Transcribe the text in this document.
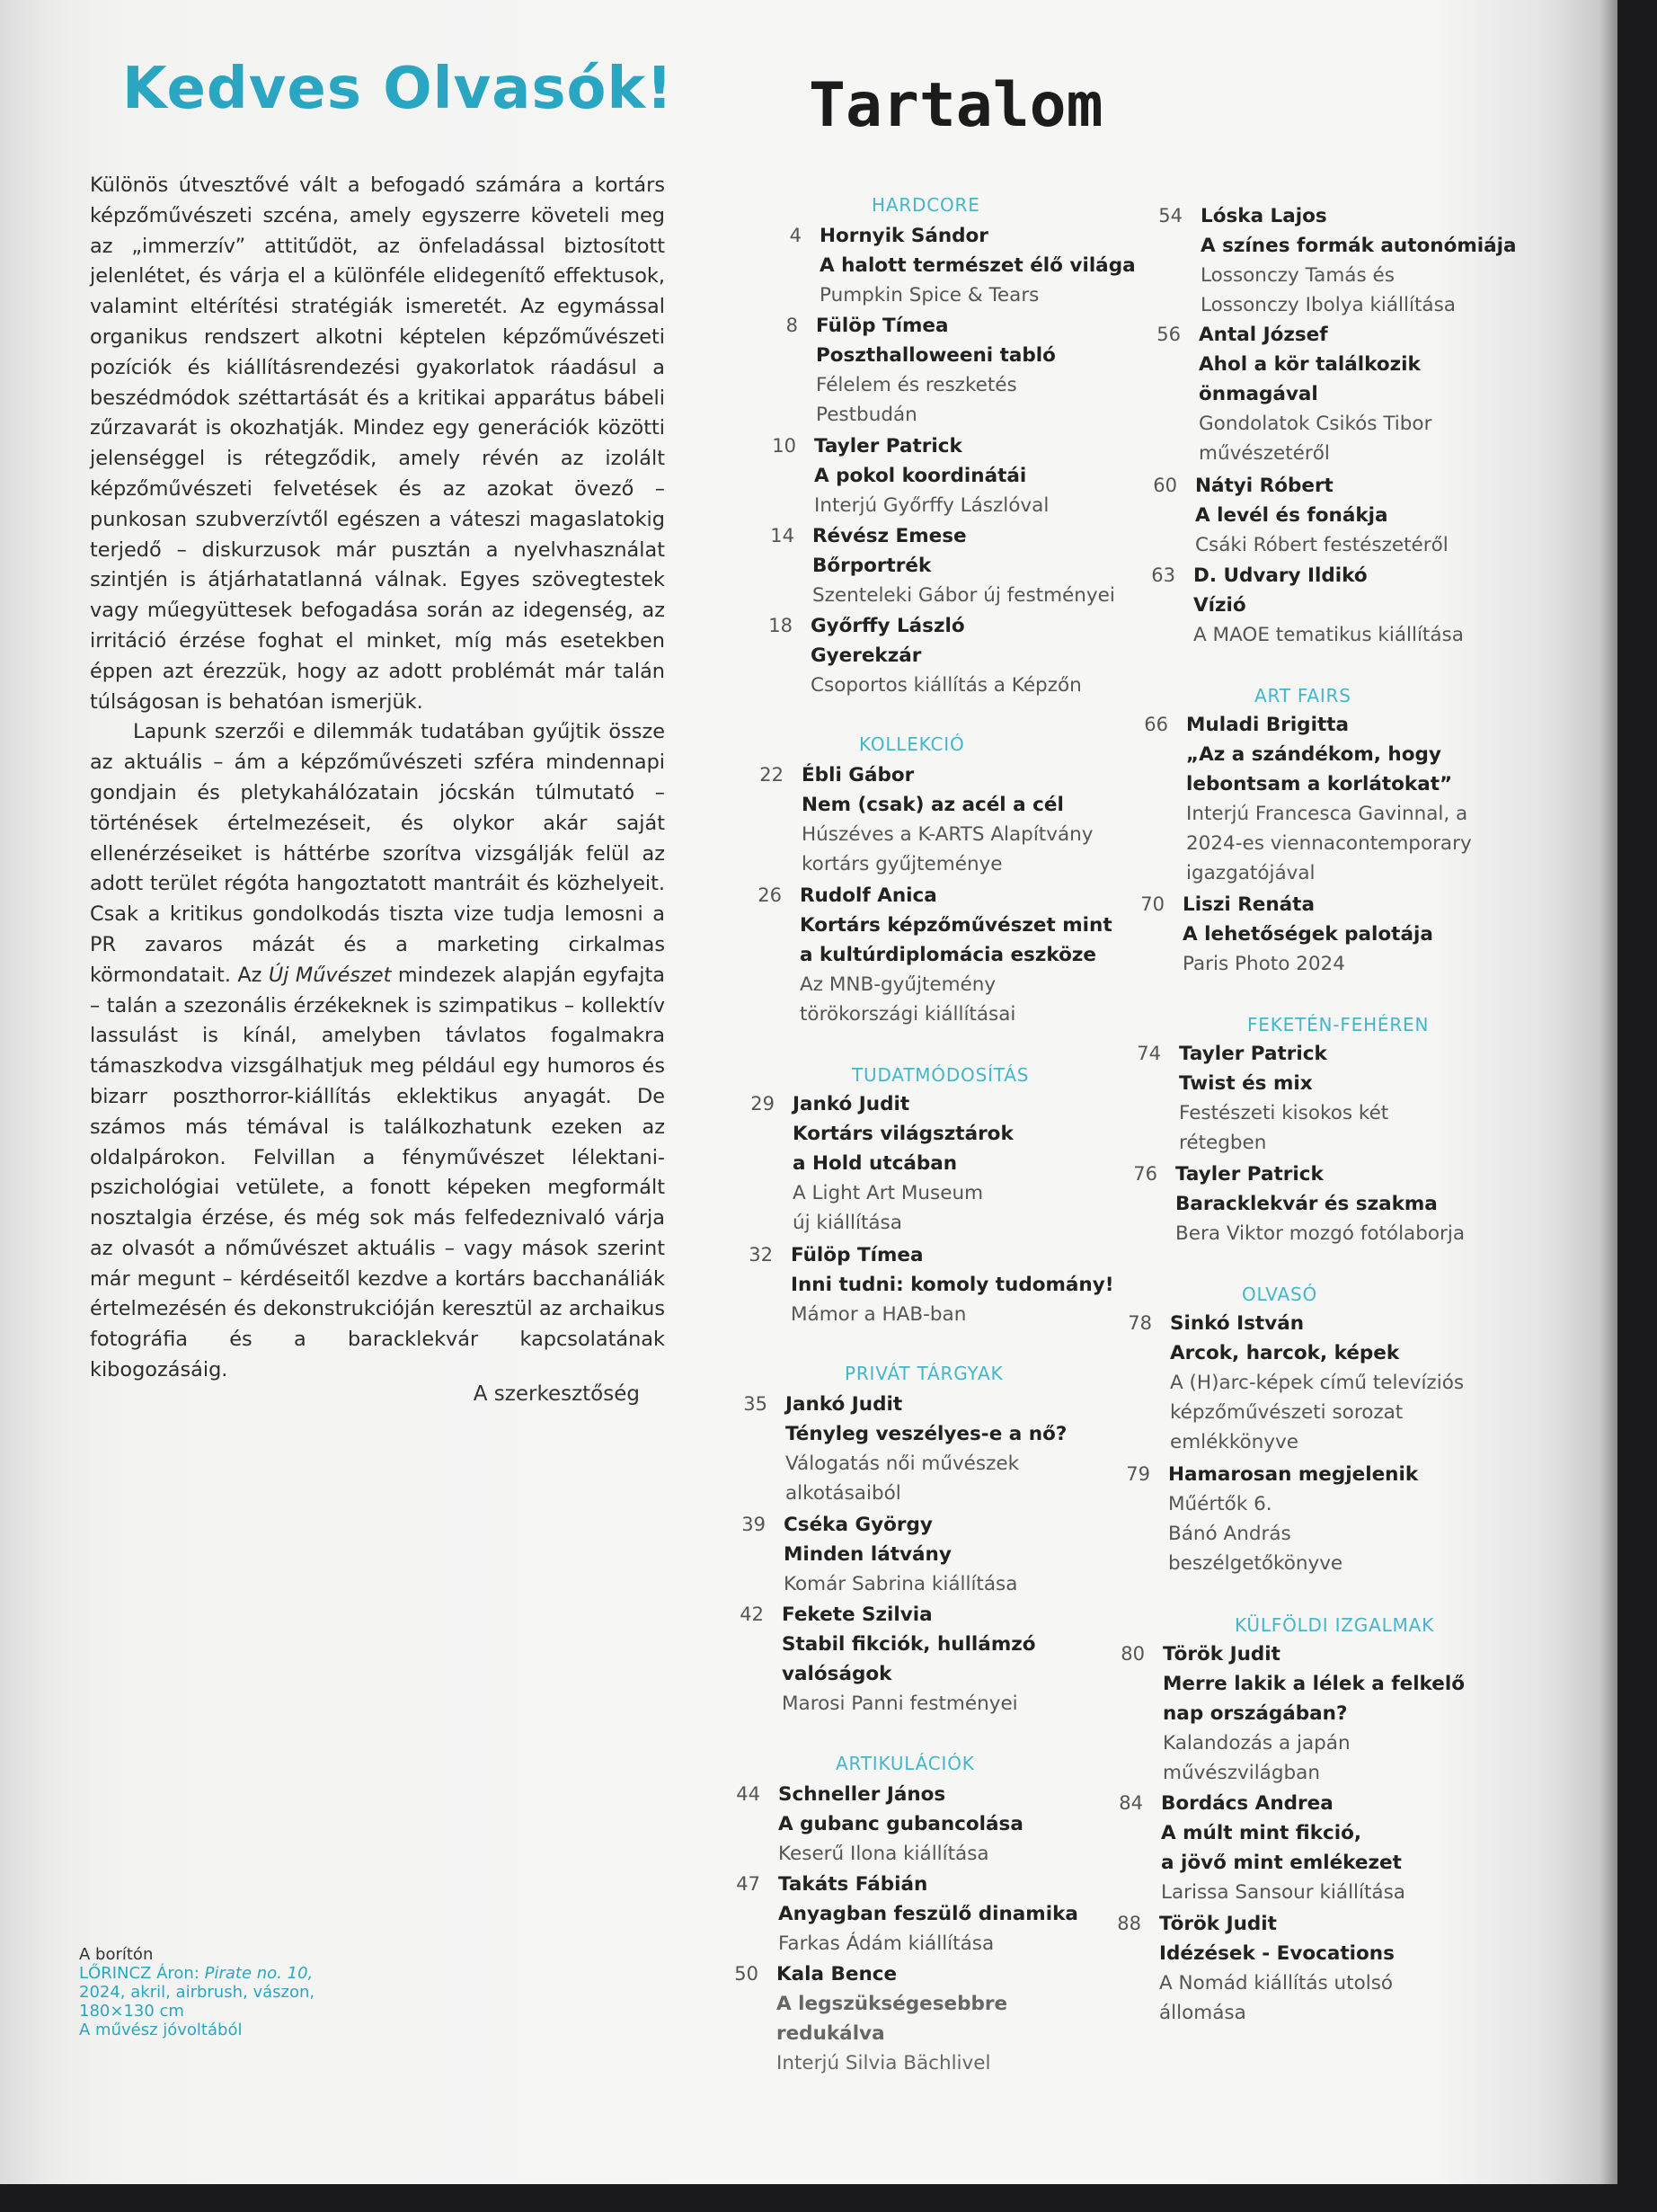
Kedves Olvasók!

Különös útvesztővé vált a befogadó számára a kortárs képzőművészeti szcéna, amely egyszerre követeli meg az „immerzív” attitűdöt, az önfeladással biztosított jelenlétet, és várja el a különféle elidegenítő effektusok, valamint eltérítési stratégiák ismeretét. Az egymással organikus rendszert alkotni képtelen képzőművészeti pozíciók és kiállításrendezési gyakorlatok ráadásul a beszédmódok széttartását és a kritikai apparátus bábeli zűrzavarát is okozhatják. Mindez egy generációk közötti jelenséggel is rétegződik, amely révén az izolált képzőművészeti felvetések és az azokat övező – punkosan szubverzívtől egészen a váteszi magaslatokig terjedő – diskurzusok már pusztán a nyelvhasználat szintjén is átjárhatatlanná válnak. Egyes szövegtestek vagy műegyüttesek befogadása során az idegenség, az irritáció érzése foghat el minket, míg más esetekben éppen azt érezzük, hogy az adott problémát már talán túlságosan is behatóan ismerjük.

Lapunk szerzői e dilemmák tudatában gyűjtik össze az aktuális – ám a képzőművészeti szféra mindennapi gondjain és pletykahálózatain jócskán túlmutató – történések értelmezéseit, és olykor akár saját ellenérzéseiket is háttérbe szorítva vizsgálják felül az adott terület régóta hangoztatott mantráit és közhelyeit. Csak a kritikus gondolkodás tiszta vize tudja lemosni a PR zavaros mázát és a marketing cirkalmas körmondatait. Az Új Művészet mindezek alapján egyfajta – talán a szezonális érzékeknek is szimpatikus – kollektív lassulást is kínál, amelyben távlatos fogalmakra támaszkodva vizsgálhatjuk meg például egy humoros és bizarr poszthorror-kiállítás eklektikus anyagát. De számos más témával is találkozhatunk ezeken az oldalpárokon. Felvillan a fényművészet lélektani-pszichológiai vetülete, a fonott képeken megformált nosztalgia érzése, és még sok más felfedeznivaló várja az olvasót a nőművészet aktuális – vagy mások szerint már megunt – kérdéseitől kezdve a kortárs bacchanáliák értelmezésén és dekonstrukcióján keresztül az archaikus fotográfia és a baracklekvár kapcsolatának kibogozásáig.

A szerkesztőség
A borítón
LŐRINCZ Áron: Pirate no. 10,
2024, akril, airbrush, vászon,
180×130 cm
A művész jóvoltából
Tartalom
HARDCORE
KOLLEKCIÓ
TUDATMÓDOSÍTÁS
PRIVÁT TÁRGYAK
ARTIKULÁCIÓK
ART FAIRS
FEKETÉN-FEHÉREN
OLVASÓ
KÜLFÖLDI IZGALMAK
4 Hornyik Sándor
A halott természet élő világa
Pumpkin Spice & Tears
8 Fülöp Tímea
Poszthalloweeni tabló
Félelem és reszketés
Pestbudán
10 Tayler Patrick
A pokol koordinátái
Interjú Győrffy Lászlóval
14 Révész Emese
Bőrportrék
Szenteleki Gábor új festményei
18 Győrffy László
Gyerekzár
Csoportos kiállítás a Képzőn
22 Ébli Gábor
Nem (csak) az acél a cél
Húszéves a K-ARTS Alapítvány
kortárs gyűjteménye
26 Rudolf Anica
Kortárs képzőművészet mint
a kultúrdiplomácia eszköze
Az MNB-gyűjtemény
törökországi kiállításai
29 Jankó Judit
Kortárs világsztárok
a Hold utcában
A Light Art Museum
új kiállítása
32 Fülöp Tímea
Inni tudni: komoly tudomány!
Mámor a HAB-ban
35 Jankó Judit
Tényleg veszélyes-e a nő?
Válogatás női művészek
alkotásaiból
39 Cséka György
Minden látvány
Komár Sabrina kiállítása
42 Fekete Szilvia
Stabil fikciók, hullámzó
valóságok
Marosi Panni festményei
44 Schneller János
A gubanc gubancolása
Keserű Ilona kiállítása
47 Takáts Fábián
Anyagban feszülő dinamika
Farkas Ádám kiállítása
50 Kala Bence
A legszükségesebbre
redukálva
Interjú Silvia Bächlivel
54 Lóska Lajos
A színes formák autonómiája
Lossonczy Tamás és
Lossonczy Ibolya kiállítása
56 Antal József
Ahol a kör találkozik
önmagával
Gondolatok Csikós Tibor
művészetéről
60 Nátyi Róbert
A levél és fonákja
Csáki Róbert festészetéről
63 D. Udvary Ildikó
Vízió
A MAOE tematikus kiállítása
66 Muladi Brigitta
„Az a szándékom, hogy
lebontsam a korlátokat”
Interjú Francesca Gavinnal, a
2024-es viennacontemporary
igazgatójával
70 Liszi Renáta
A lehetőségek palotája
Paris Photo 2024
74 Tayler Patrick
Twist és mix
Festészeti kisokos két
rétegben
76 Tayler Patrick
Baracklekvár és szakma
Bera Viktor mozgó fotólaborja
78 Sinkó István
Arcok, harcok, képek
A (H)arc-képek című televíziós
képzőművészeti sorozat
emlékkönyve
79 Hamarosan megjelenik
Műértők 6.
Bánó András
beszélgetőkönyve
80 Török Judit
Merre lakik a lélek a felkelő
nap országában?
Kalandozás a japán
művészvilágban
84 Bordács Andrea
A múlt mint fikció,
a jövő mint emlékezet
Larissa Sansour kiállítása
88 Török Judit
Idézések - Evocations
A Nomád kiállítás utolsó
állomása
